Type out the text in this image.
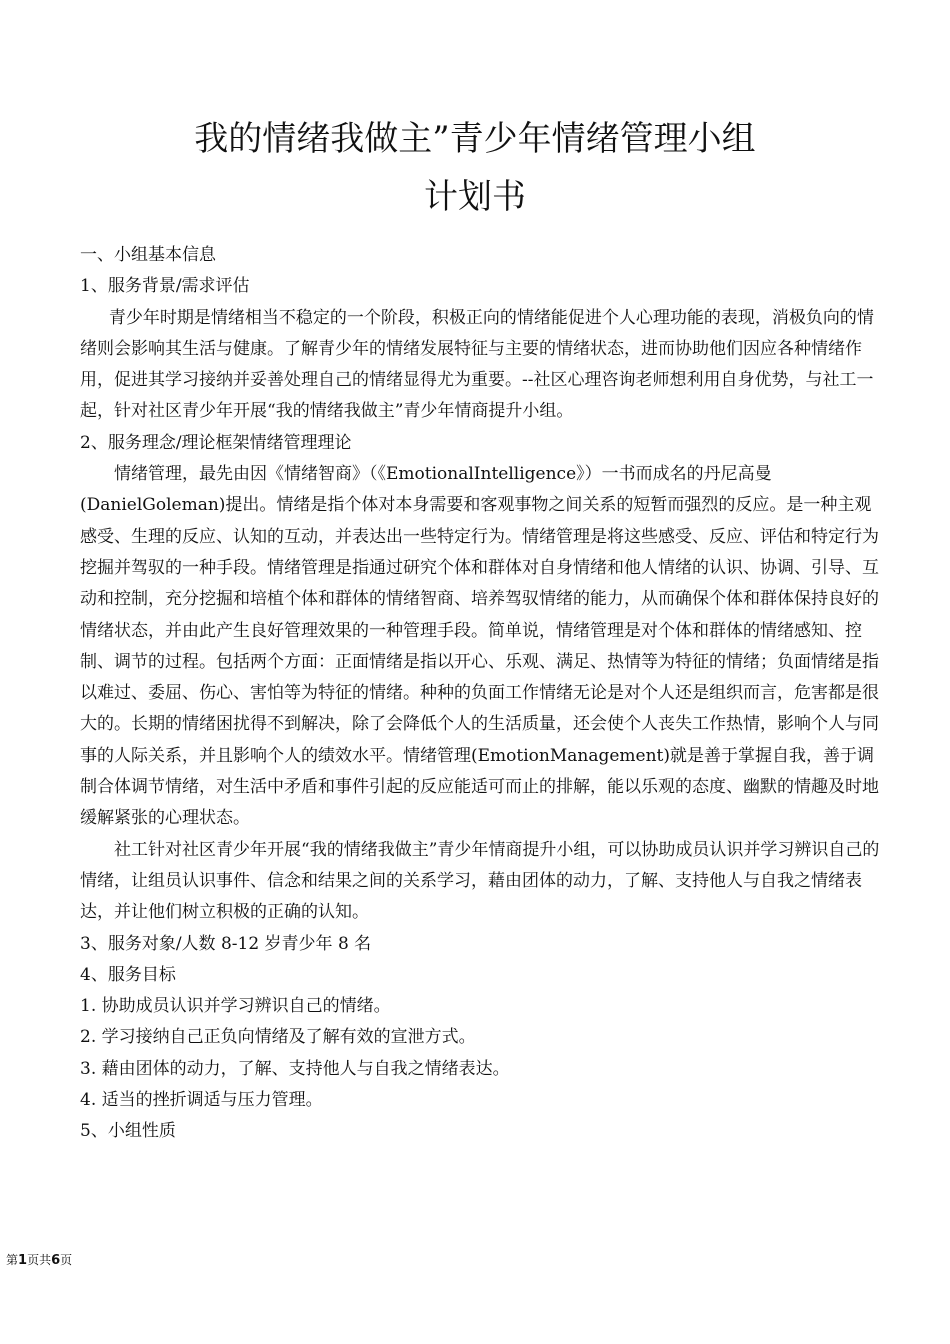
我的情绪我做主”青少年情绪管理小组
计划书

一、小组基本信息

1、服务背景/需求评估

青少年时期是情绪相当不稳定的一个阶段，积极正向的情绪能促进个人心理功能的表现，消极负向的情绪则会影响其生活与健康。了解青少年的情绪发展特征与主要的情绪状态，进而协助他们因应各种情绪作用，促进其学习接纳并妥善处理自己的情绪显得尤为重要。--社区心理咨询老师想利用自身优势，与社工一起，针对社区青少年开展“我的情绪我做主”青少年情商提升小组。

2、服务理念/理论框架情绪管理理论

情绪管理，最先由因《情绪智商》（《EmotionalIntelligence》）一书而成名的丹尼高曼(DanielGoleman)提出。情绪是指个体对本身需要和客观事物之间关系的短暂而强烈的反应。是一种主观感受、生理的反应、认知的互动，并表达出一些特定行为。情绪管理是将这些感受、反应、评估和特定行为挖掘并驾驭的一种手段。情绪管理是指通过研究个体和群体对自身情绪和他人情绪的认识、协调、引导、互动和控制，充分挖掘和培植个体和群体的情绪智商、培养驾驭情绪的能力，从而确保个体和群体保持良好的情绪状态，并由此产生良好管理效果的一种管理手段。简单说，情绪管理是对个体和群体的情绪感知、控制、调节的过程。包括两个方面：正面情绪是指以开心、乐观、满足、热情等为特征的情绪；负面情绪是指以难过、委屈、伤心、害怕等为特征的情绪。种种的负面工作情绪无论是对个人还是组织而言，危害都是很大的。长期的情绪困扰得不到解决，除了会降低个人的生活质量，还会使个人丧失工作热情，影响个人与同事的人际关系，并且影响个人的绩效水平。情绪管理(EmotionManagement)就是善于掌握自我，善于调制合体调节情绪，对生活中矛盾和事件引起的反应能适可而止的排解，能以乐观的态度、幽默的情趣及时地缓解紧张的心理状态。

社工针对社区青少年开展“我的情绪我做主”青少年情商提升小组，可以协助成员认识并学习辨识自己的情绪，让组员认识事件、信念和结果之间的关系学习，藉由团体的动力，了解、支持他人与自我之情绪表达，并让他们树立积极的正确的认知。

3、服务对象/人数 8-12 岁青少年 8 名

4、服务目标

1. 协助成员认识并学习辨识自己的情绪。

2. 学习接纳自己正负向情绪及了解有效的宣泄方式。

3. 藉由团体的动力，了解、支持他人与自我之情绪表达。

4. 适当的挫折调适与压力管理。

5、小组性质

第1页共6页
